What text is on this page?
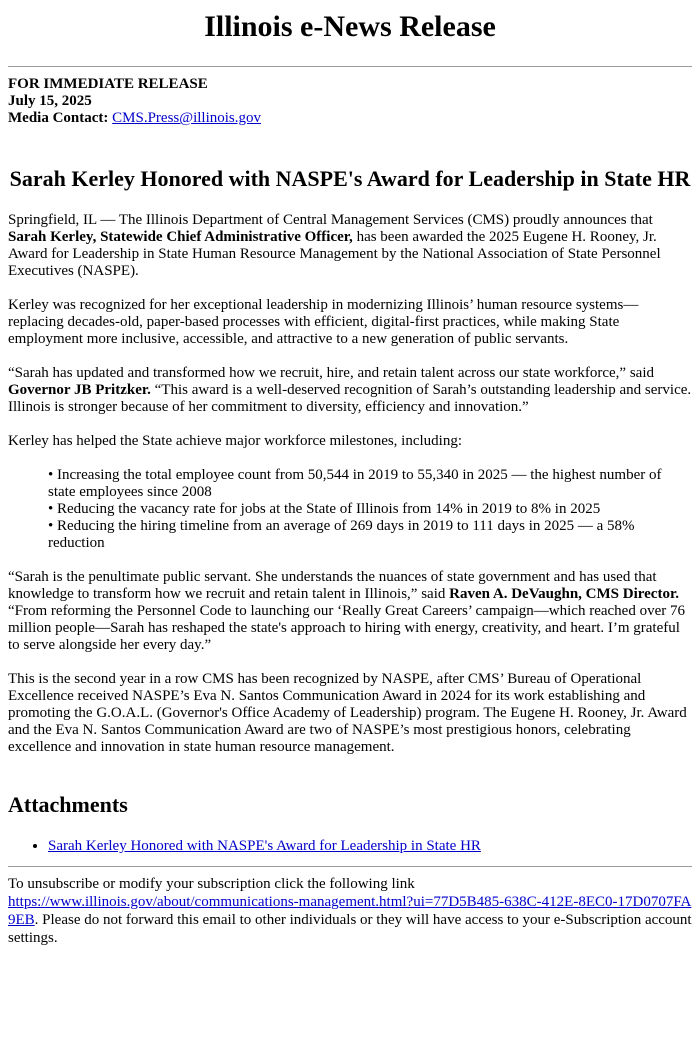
Illinois e-News Release
FOR IMMEDIATE RELEASE
July 15, 2025
Media Contact: CMS.Press@illinois.gov
Sarah Kerley Honored with NASPE's Award for Leadership in State HR

Springfield, IL — The Illinois Department of Central Management Services (CMS) proudly announces that Sarah Kerley, Statewide Chief Administrative Officer, has been awarded the 2025 Eugene H. Rooney, Jr. Award for Leadership in State Human Resource Management by the National Association of State Personnel Executives (NASPE).

Kerley was recognized for her exceptional leadership in modernizing Illinois’ human resource systems—replacing decades-old, paper-based processes with efficient, digital-first practices, while making State employment more inclusive, accessible, and attractive to a new generation of public servants.

“Sarah has updated and transformed how we recruit, hire, and retain talent across our state workforce,” said Governor JB Pritzker. “This award is a well-deserved recognition of Sarah’s outstanding leadership and service. Illinois is stronger because of her commitment to diversity, efficiency and innovation.”

Kerley has helped the State achieve major workforce milestones, including:

• Increasing the total employee count from 50,544 in 2019 to 55,340 in 2025 — the highest number of state employees since 2008
• Reducing the vacancy rate for jobs at the State of Illinois from 14% in 2019 to 8% in 2025
• Reducing the hiring timeline from an average of 269 days in 2019 to 111 days in 2025 — a 58% reduction

“Sarah is the penultimate public servant. She understands the nuances of state government and has used that knowledge to transform how we recruit and retain talent in Illinois,” said Raven A. DeVaughn, CMS Director. “From reforming the Personnel Code to launching our ‘Really Great Careers’ campaign—which reached over 76 million people—Sarah has reshaped the state's approach to hiring with energy, creativity, and heart. I’m grateful to serve alongside her every day.”

This is the second year in a row CMS has been recognized by NASPE, after CMS’ Bureau of Operational Excellence received NASPE’s Eva N. Santos Communication Award in 2024 for its work establishing and promoting the G.O.A.L. (Governor's Office Academy of Leadership) program. The Eugene H. Rooney, Jr. Award and the Eva N. Santos Communication Award are two of NASPE’s most prestigious honors, celebrating excellence and innovation in state human resource management.

Attachments
• Sarah Kerley Honored with NASPE's Award for Leadership in State HR
To unsubscribe or modify your subscription click the following link
https://www.illinois.gov/about/communications-management.html?ui=77D5B485-638C-412E-8EC0-17D0707FA9EB. Please do not forward this email to other individuals or they will have access to your e-Subscription account settings.
